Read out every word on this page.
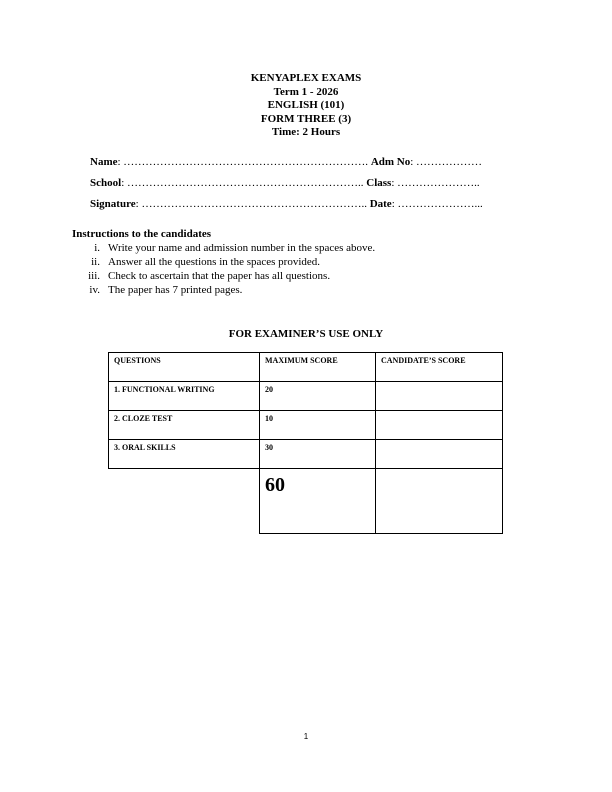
KENYAPLEX EXAMS
Term 1 - 2026
ENGLISH (101)
FORM THREE (3)
Time: 2 Hours
Name: …………………………………………………………. Adm No: ………………
School: ……………………………………………………….. Class: …………………..
Signature: …………………………………………………….. Date: …………………...
Instructions to the candidates
i. Write your name and admission number in the spaces above.
ii. Answer all the questions in the spaces provided.
iii. Check to ascertain that the paper has all questions.
iv. The paper has 7 printed pages.
FOR EXAMINER’S USE ONLY
QUESTIONS	MAXIMUM SCORE	CANDIDATE’S SCORE
1. FUNCTIONAL WRITING	20	
2. CLOZE TEST	10	
3. ORAL SKILLS	30	

	60	

1
